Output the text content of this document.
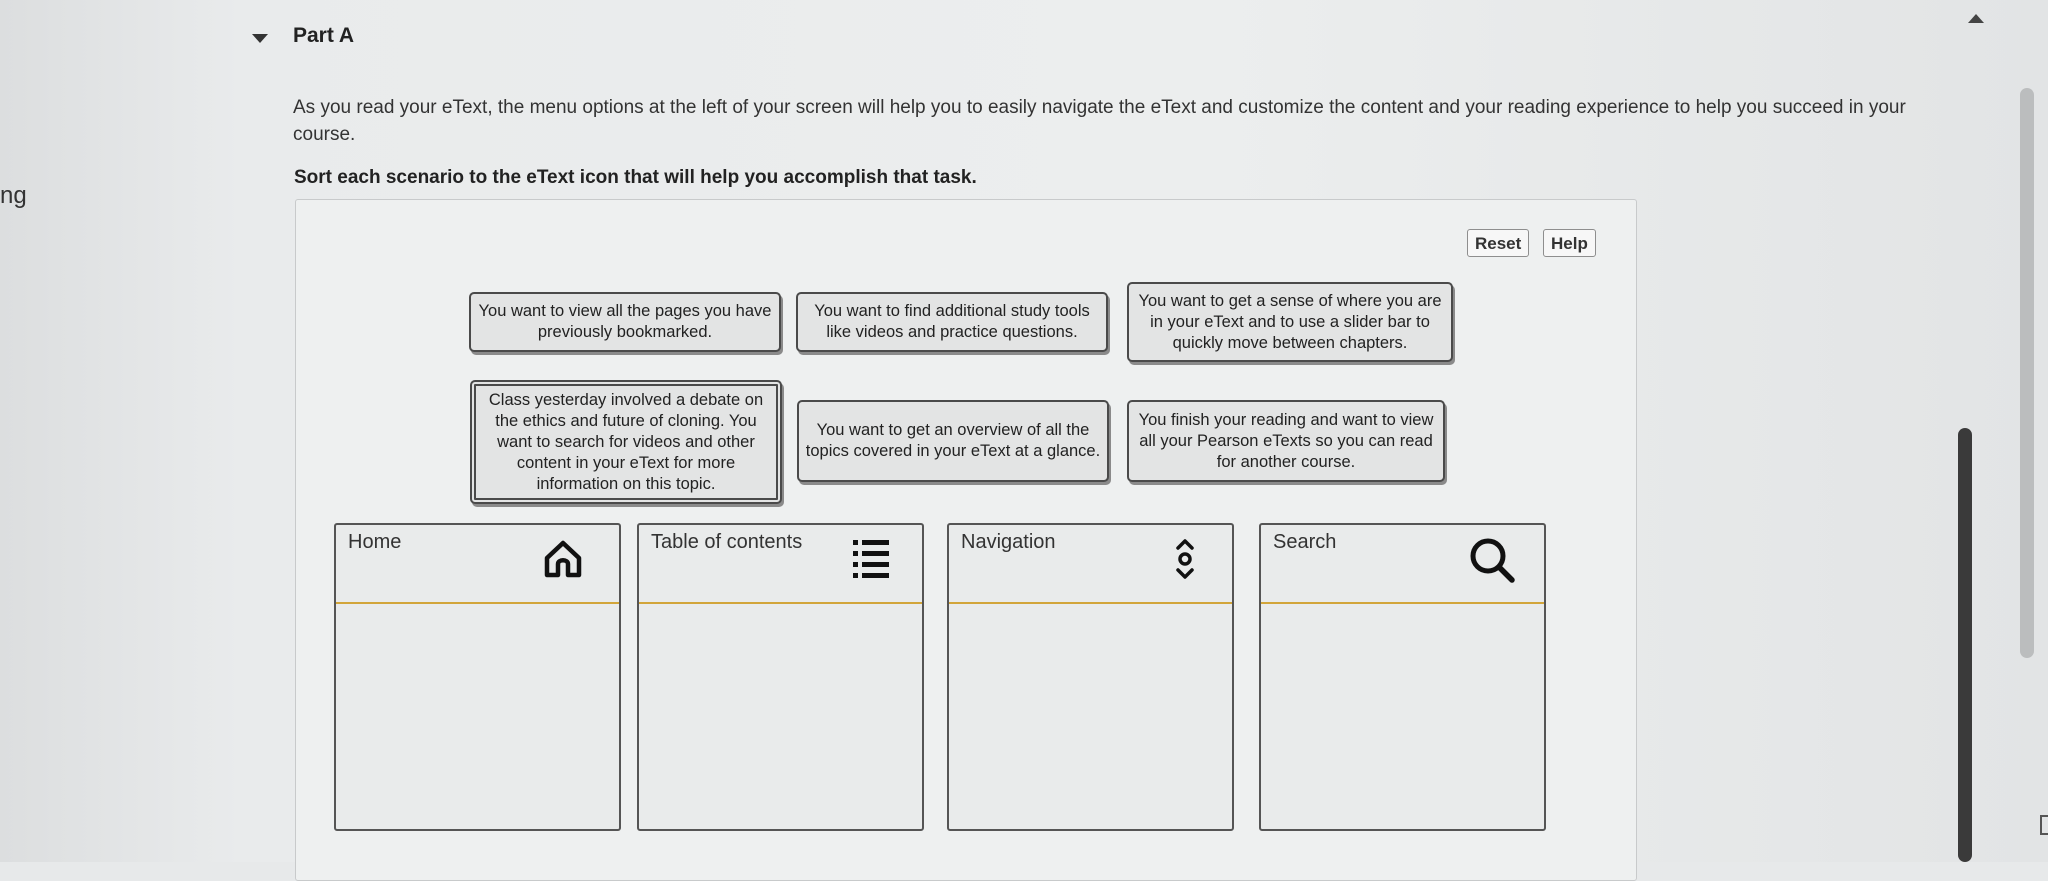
ng
Part A
As you read your eText, the menu options at the left of your screen will help you to easily navigate the eText and customize the content and your reading experience to help you succeed in your course.
Sort each scenario to the eText icon that will help you accomplish that task.
Reset	Help
You want to view all the pages you have previously bookmarked.
You want to find additional study tools like videos and practice questions.
You want to get a sense of where you are in your eText and to use a slider bar to quickly move between chapters.
Class yesterday involved a debate on the ethics and future of cloning. You want to search for videos and other content in your eText for more information on this topic.
You want to get an overview of all the topics covered in your eText at a glance.
You finish your reading and want to view all your Pearson eTexts so you can read for another course.
Home	Table of contents	Navigation	Search
